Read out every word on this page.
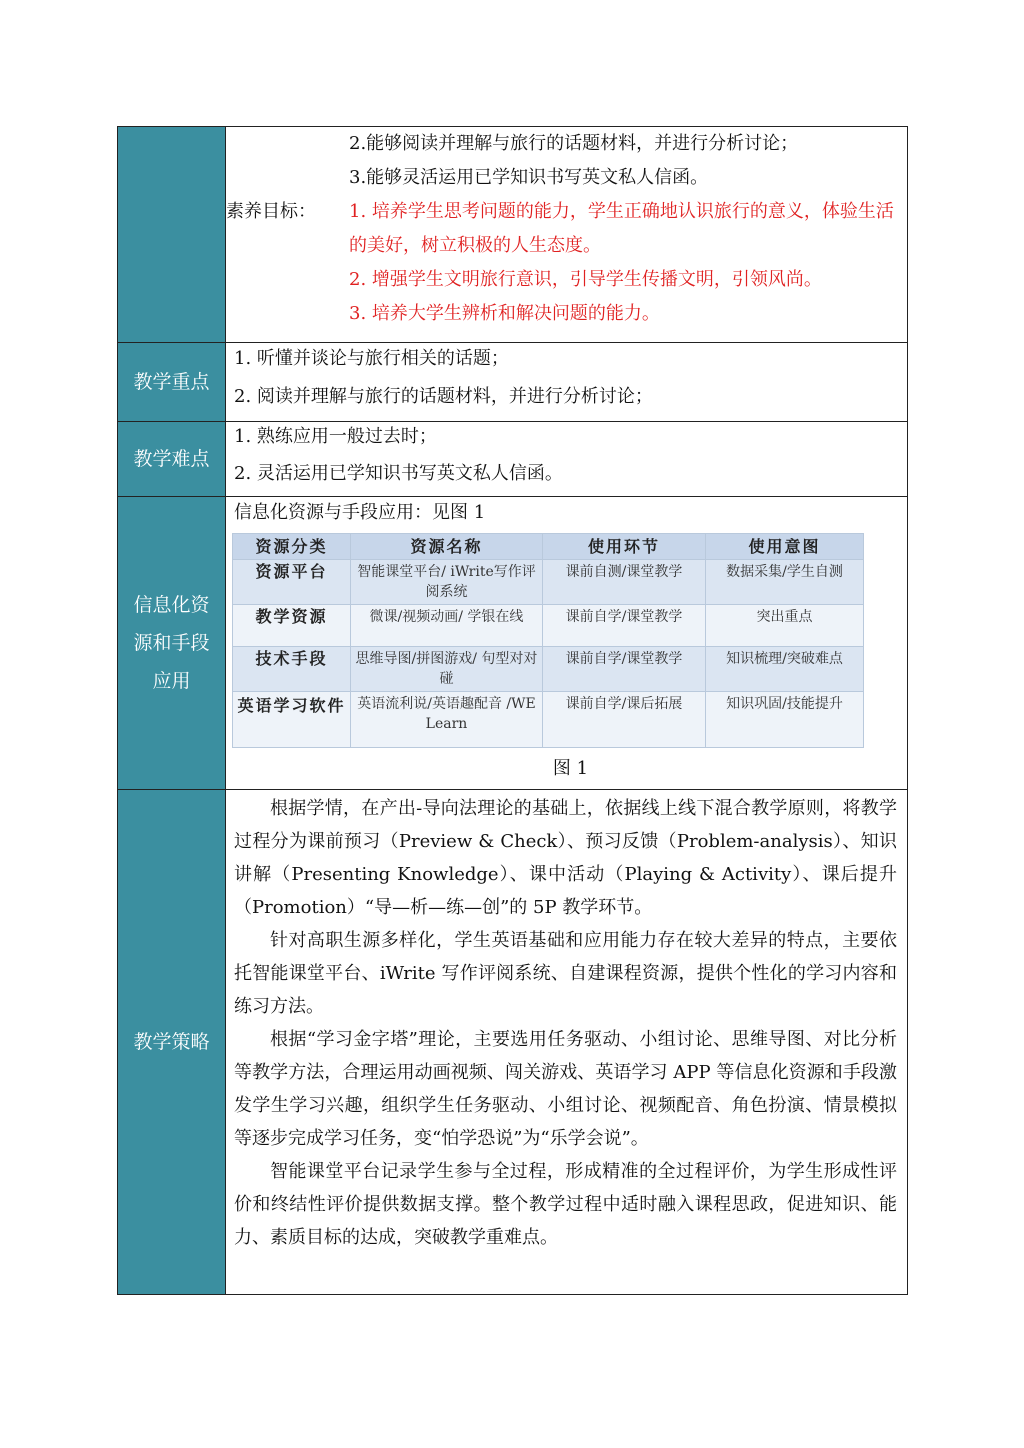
2.能够阅读并理解与旅行的话题材料，并进行分析讨论；
3.能够灵活运用已学知识书写英文私人信函。
素养目标：	1. 培养学生思考问题的能力，学生正确地认识旅行的意义，体验生活的美好，树立积极的人生态度。
2. 增强学生文明旅行意识，引导学生传播文明，引领风尚。
3. 培养大学生辨析和解决问题的能力。

教学重点	
1. 听懂并谈论与旅行相关的话题；
2. 阅读并理解与旅行的话题材料，并进行分析讨论；

教学难点	
1. 熟练应用一般过去时；
2. 灵活运用已学知识书写英文私人信函。

信息化资源和手段应用

信息化资源与手段应用：见图 1
资源分类	资源名称	使用环节	使用意图
资源平台	智能课堂平台/ iWrite写作评阅系统	课前自测/课堂教学	数据采集/学生自测
教学资源	微课/视频动画/ 学银在线	课前自学/课堂教学	突出重点
技术手段	思维导图/拼图游戏/ 句型对对碰	课前自学/课堂教学	知识梳理/突破难点
英语学习软件	英语流利说/英语趣配音 /WE Learn	课前自学/课后拓展	知识巩固/技能提升
图 1

教学策略	

根据学情，在产出-导向法理论的基础上，依据线上线下混合教学原则，将教学过程分为课前预习（Preview & Check）、预习反馈（Problem-analysis）、知识讲解（Presenting Knowledge）、课中活动（Playing & Activity）、课后提升（Promotion）“导—析—练—创”的 5P 教学环节。

针对高职生源多样化，学生英语基础和应用能力存在较大差异的特点，主要依托智能课堂平台、iWrite 写作评阅系统、自建课程资源，提供个性化的学习内容和练习方法。

根据“学习金字塔”理论，主要选用任务驱动、小组讨论、思维导图、对比分析等教学方法，合理运用动画视频、闯关游戏、英语学习 APP 等信息化资源和手段激发学生学习兴趣，组织学生任务驱动、小组讨论、视频配音、角色扮演、情景模拟等逐步完成学习任务，变“怕学恐说”为“乐学会说”。

智能课堂平台记录学生参与全过程，形成精准的全过程评价，为学生形成性评价和终结性评价提供数据支撑。整个教学过程中适时融入课程思政，促进知识、能力、素质目标的达成，突破教学重难点。
